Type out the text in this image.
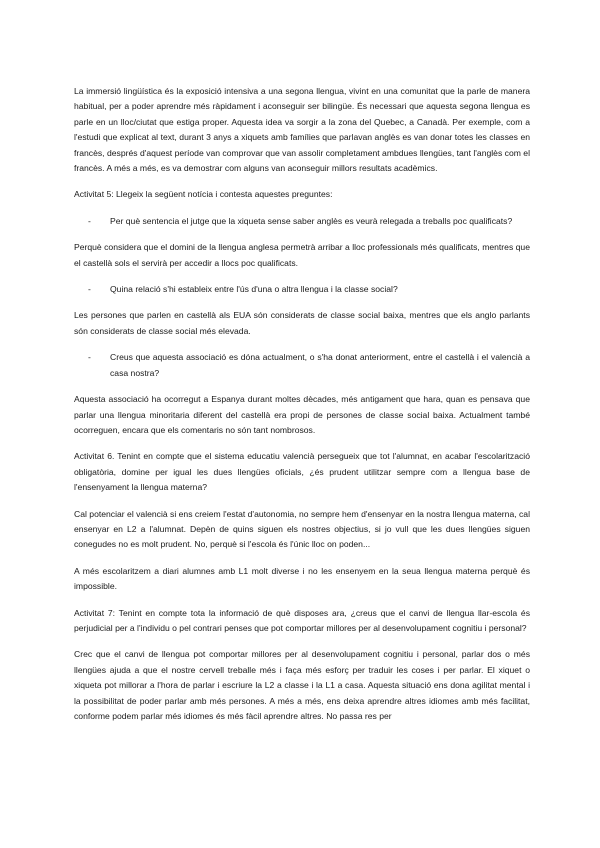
La immersió lingüística és la exposició intensiva a una segona llengua, vivint en una comunitat que la parle de manera habitual, per a poder aprendre més ràpidament i aconseguir ser bilingüe. És necessari que aquesta segona llengua es parle en un lloc/ciutat que estiga proper. Aquesta idea va sorgir a la zona del Quebec, a Canadà. Per exemple, com a l'estudi que explicat al text, durant 3 anys a xiquets amb famílies que parlavan anglès es van donar totes les classes en francès, després d'aquest període van comprovar que van assolir completament ambdues llengües, tant l'anglès com el francès. A més a més, es va demostrar com alguns van aconseguir millors resultats acadèmics.

Activitat 5: Llegeix la següent notícia i contesta aquestes preguntes:

- Per què sentencia el jutge que la xiqueta sense saber anglès es veurà relegada a treballs poc qualificats?

Perquè considera que el domini de la llengua anglesa permetrà arribar a lloc professionals més qualificats, mentres que el castellà sols el servirà per accedir a llocs poc qualificats.

- Quina relació s'hi estableix entre l'ús d'una o altra llengua i la classe social?

Les persones que parlen en castellà als EUA són considerats de classe social baixa, mentres que els anglo parlants són considerats de classe social més elevada.

- Creus que aquesta associació es dóna actualment, o s'ha donat anteriorment, entre el castellà i el valencià a casa nostra?

Aquesta associació ha ocorregut a Espanya durant moltes dècades, més antigament que hara, quan es pensava que parlar una llengua minoritaria diferent del castellà era propi de persones de classe social baixa. Actualment també ocorreguen, encara que els comentaris no són tant nombrosos.

Activitat 6. Tenint en compte que el sistema educatiu valencià persegueix que tot l'alumnat, en acabar l'escolarització obligatòria, domine per igual les dues llengües oficials, ¿és prudent utilitzar sempre com a llengua base de l'ensenyament la llengua materna?

Cal potenciar el valencià si ens creiem l'estat d'autonomia, no sempre hem d'ensenyar en la nostra llengua materna, cal ensenyar en L2 a l'alumnat. Depèn de quins siguen els nostres objectius, si jo vull que les dues llengües siguen conegudes no es molt prudent. No, perquè si l'escola és l'únic lloc on poden...

A més escolaritzem a diari alumnes amb L1 molt diverse i no les ensenyem en la seua llengua materna perquè és impossible.

Activitat 7: Tenint en compte tota la informació de què disposes ara, ¿creus que el canvi de llengua llar-escola és perjudicial per a l'individu o pel contrari penses que pot comportar millores per al desenvolupament cognitiu i personal?

Crec que el canvi de llengua pot comportar millores per al desenvolupament cognitiu i personal, parlar dos o més llengües ajuda a que el nostre cervell treballe més i faça més esforç per traduir les coses i per parlar. El xiquet o xiqueta pot millorar a l'hora de parlar i escriure la L2 a classe i la L1 a casa. Aquesta situació ens dona agilitat mental i la possibilitat de poder parlar amb més persones. A més a més, ens deixa aprendre altres idiomes amb més facilitat, conforme podem parlar més idiomes és més fàcil aprendre altres. No passa res per
